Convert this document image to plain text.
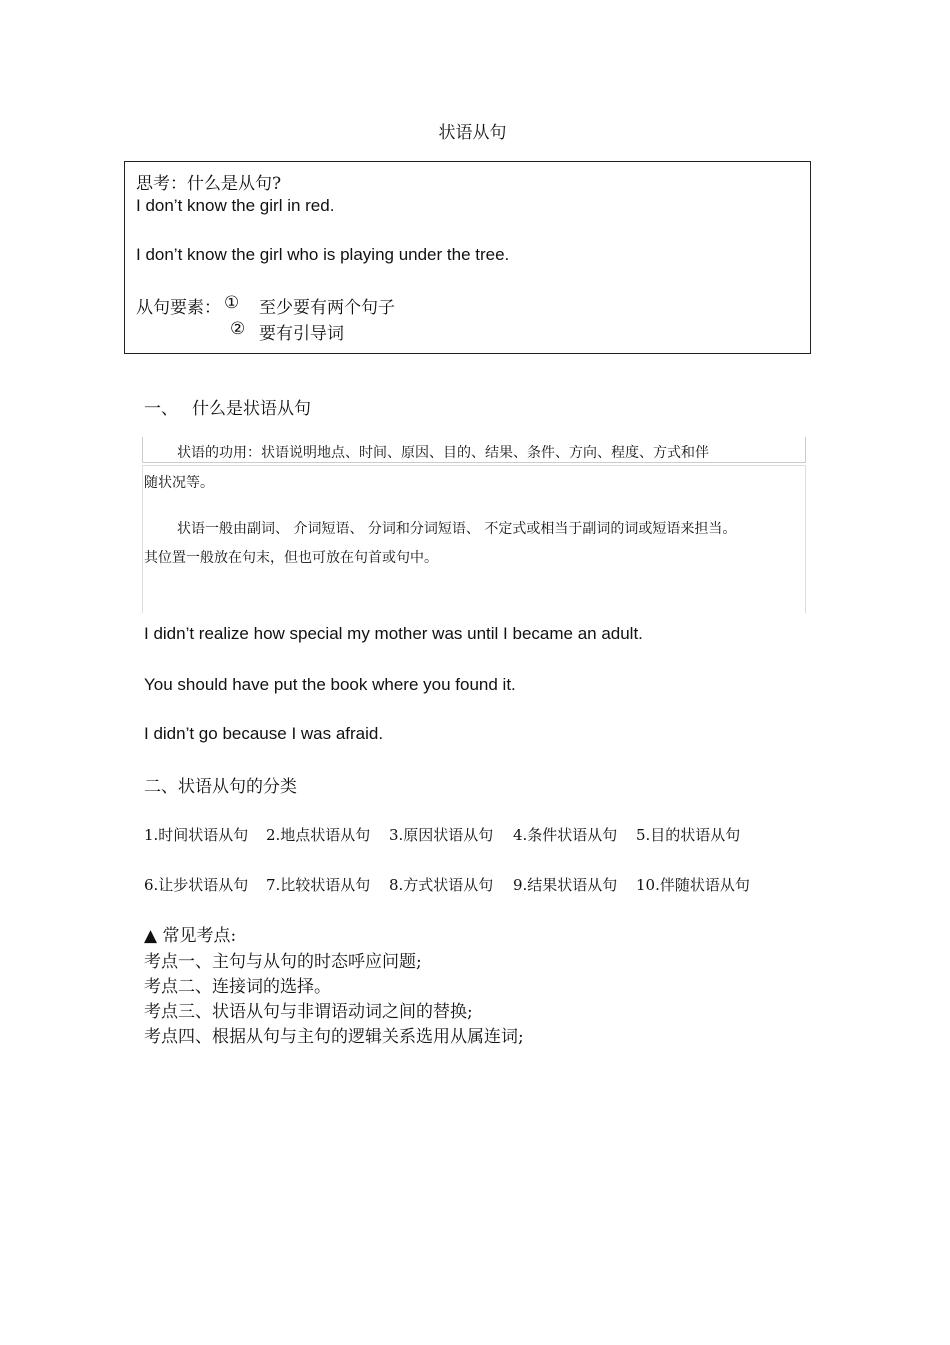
状语从句
思考：什么是从句?
I don’t know the girl in red.
I don’t know the girl who is playing under the tree.
从句要素： ① 至少要有两个句子
② 要有引导词
一、 什么是状语从句
状语的功用：状语说明地点、时间、原因、目的、结果、条件、方向、程度、方式和伴
随状况等。
状语一般由副词、 介词短语、 分词和分词短语、 不定式或相当于副词的词或短语来担当。
其位置一般放在句末，但也可放在句首或句中。
I didn’t realize how special my mother was until I became an adult.
You should have put the book where you found it.
I didn’t go because I was afraid.
二、状语从句的分类
1.时间状语从句 2.地点状语从句 3.原因状语从句 4.条件状语从句 5.目的状语从句
6.让步状语从句 7.比较状语从句 8.方式状语从句 9.结果状语从句 10.伴随状语从句
▲ 常见考点:
考点一、主句与从句的时态呼应问题;
考点二、连接词的选择。
考点三、状语从句与非谓语动词之间的替换;
考点四、根据从句与主句的逻辑关系选用从属连词;
